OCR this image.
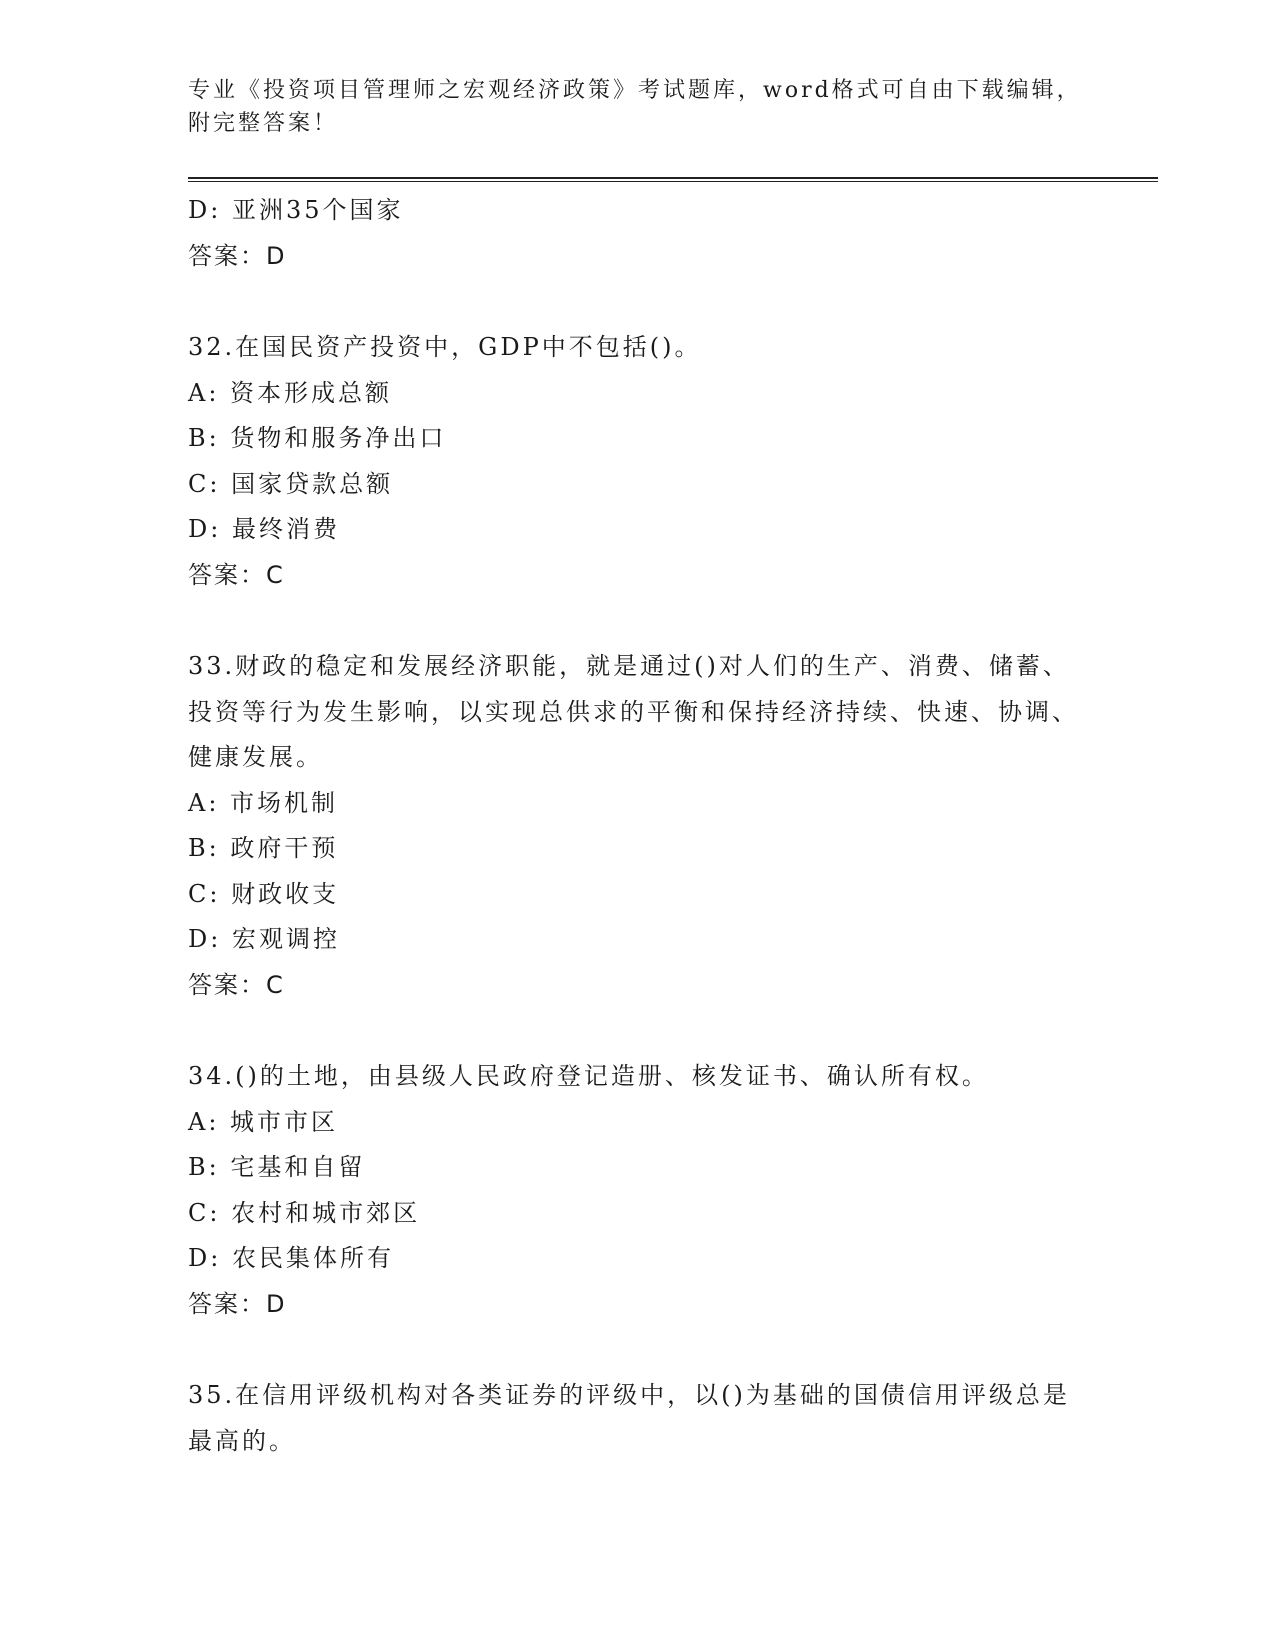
专业《投资项目管理师之宏观经济政策》考试题库，word格式可自由下载编辑，
附完整答案！
D: 亚洲35个国家
答案：D
32.在国民资产投资中，GDP中不包括()。
A: 资本形成总额
B: 货物和服务净出口
C: 国家贷款总额
D: 最终消费
答案：C
33.财政的稳定和发展经济职能，就是通过()对人们的生产、消费、储蓄、投资等行为发生影响，以实现总供求的平衡和保持经济持续、快速、协调、健康发展。
A: 市场机制
B: 政府干预
C: 财政收支
D: 宏观调控
答案：C
34.()的土地，由县级人民政府登记造册、核发证书、确认所有权。
A: 城市市区
B: 宅基和自留
C: 农村和城市郊区
D: 农民集体所有
答案：D
35.在信用评级机构对各类证券的评级中，以()为基础的国债信用评级总是最高的。
